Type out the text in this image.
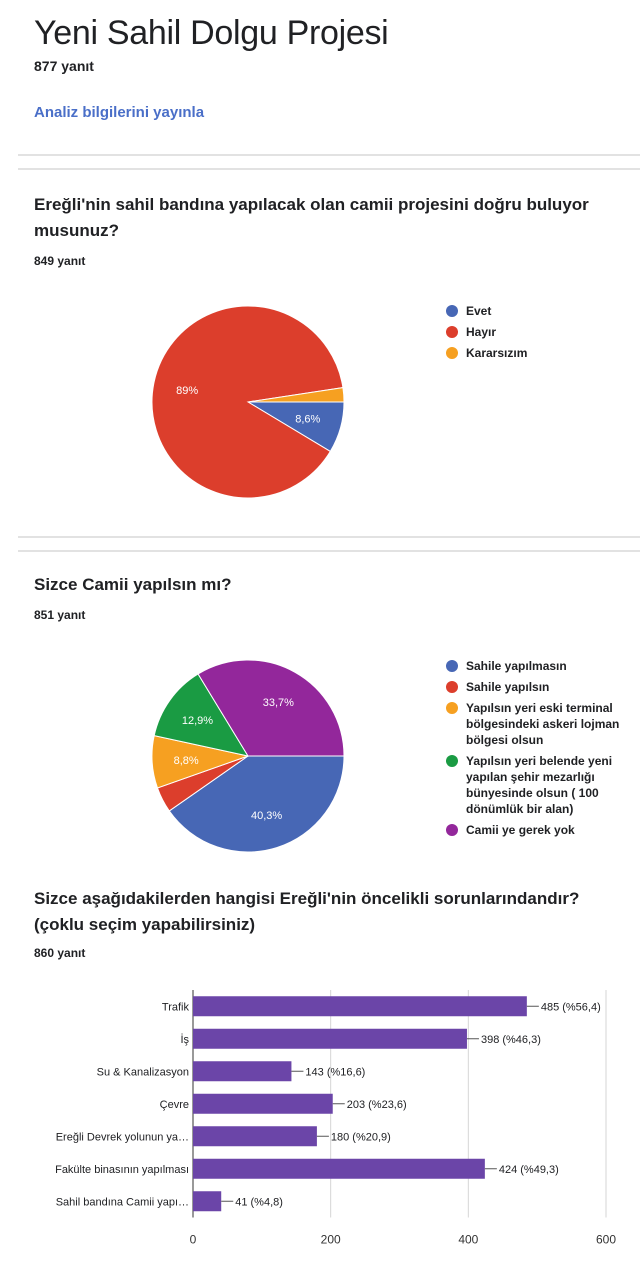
Yeni Sahil Dolgu Projesi
877 yanıt
Analiz bilgilerini yayınla
Ereğli'nin sahil bandına yapılacak olan camii projesini doğru buluyor musunuz?
849 yanıt
8,6%
89%
Evet
Hayır
Kararsızım
Sizce Camii yapılsın mı?
851 yanıt
40,3%
8,8%
12,9%
33,7%
Sahile yapılmasın
Sahile yapılsın
Yapılsın yeri eski terminal bölgesindeki askeri lojman bölgesi olsun
Yapılsın yeri belende yeni yapılan şehir mezarlığı bünyesinde olsun ( 100 dönümlük bir alan)
Camii ye gerek yok
Sizce aşağıdakilerden hangisi Ereğli'nin öncelikli sorunlarındandır? (çoklu seçim yapabilirsiniz)
860 yanıt
0	200	400	600
Trafik	485 (%56,4)
İş	398 (%46,3)
Su & Kanalizasyon	143 (%16,6)
Çevre	203 (%23,6)
Ereğli Devrek yolunun ya…	180 (%20,9)
Fakülte binasının yapılması	424 (%49,3)
Sahil bandına Camii yapı…	41 (%4,8)
